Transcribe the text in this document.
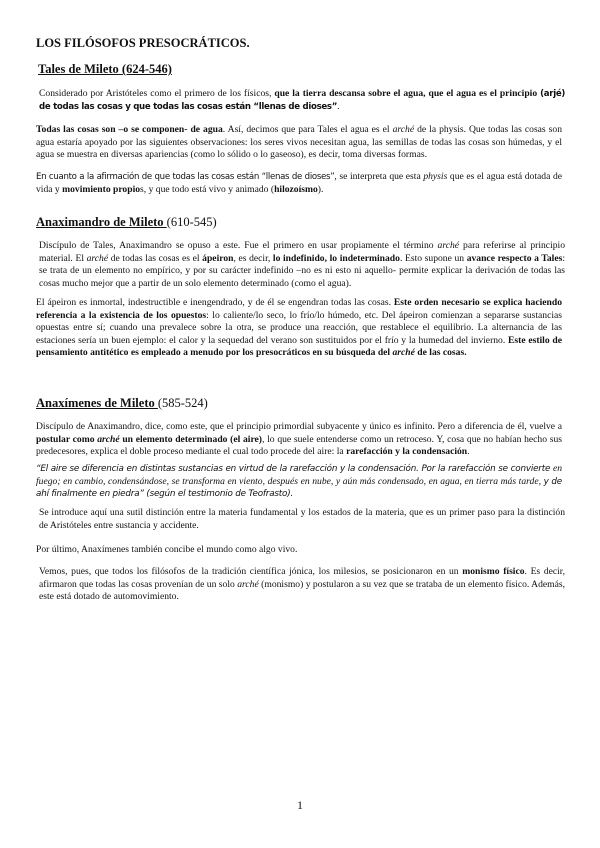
LOS FILÓSOFOS PRESOCRÁTICOS.

Tales de Mileto (624-546)

Considerado por Aristóteles como el primero de los físicos, que la tierra descansa sobre el agua, que el agua es el principio (arjé) de todas las cosas y que todas las cosas están “llenas de dioses”.

Todas las cosas son –o se componen- de agua. Así, decimos que para Tales el agua es el arché de la physis. Que todas las cosas son agua estaría apoyado por las siguientes observaciones: los seres vivos necesitan agua, las semillas de todas las cosas son húmedas, y el agua se muestra en diversas apariencias (como lo sólido o lo gaseoso), es decir, toma diversas formas.

En cuanto a la afirmación de que todas las cosas están “llenas de dioses”, se interpreta que esta physis que es el agua está dotada de vida y movimiento propios, y que todo está vivo y animado (hilozoísmo).

Anaximandro de Mileto (610-545)

Discípulo de Tales, Anaximandro se opuso a este. Fue el primero en usar propiamente el término arché para referirse al principio material. El arché de todas las cosas es el ápeiron, es decir, lo indefinido, lo indeterminado. Esto supone un avance respecto a Tales: se trata de un elemento no empírico, y por su carácter indefinido –no es ni esto ni aquello- permite explicar la derivación de todas las cosas mucho mejor que a partir de un solo elemento determinado (como el agua).

El ápeiron es inmortal, indestructible e inengendrado, y de él se engendran todas las cosas. Este orden necesario se explica haciendo referencia a la existencia de los opuestos: lo caliente/lo seco, lo frío/lo húmedo, etc. Del ápeiron comienzan a separarse sustancias opuestas entre sí; cuando una prevalece sobre la otra, se produce una reacción, que restablece el equilibrio. La alternancia de las estaciones sería un buen ejemplo: el calor y la sequedad del verano son sustituidos por el frío y la humedad del invierno. Este estilo de pensamiento antitético es empleado a menudo por los presocráticos en su búsqueda del arché de las cosas.

Anaxímenes de Mileto (585-524)

Discípulo de Anaximandro, dice, como este, que el principio primordial subyacente y único es infinito. Pero a diferencia de él, vuelve a postular como arché un elemento determinado (el aire), lo que suele entenderse como un retroceso. Y, cosa que no habían hecho sus predecesores, explica el doble proceso mediante el cual todo procede del aire: la rarefacción y la condensación.

“El aire se diferencia en distintas sustancias en virtud de la rarefacción y la condensación. Por la rarefacción se convierte en fuego; en cambio, condensándose, se transforma en viento, después en nube, y aún más condensado, en agua, en tierra más tarde, y de ahí finalmente en piedra” (según el testimonio de Teofrasto).

Se introduce aquí una sutil distinción entre la materia fundamental y los estados de la materia, que es un primer paso para la distinción de Aristóteles entre sustancia y accidente.

Por último, Anaxímenes también concibe el mundo como algo vivo.

Vemos, pues, que todos los filósofos de la tradición científica jónica, los milesios, se posicionaron en un monismo físico. Es decir, afirmaron que todas las cosas provenían de un solo arché (monismo) y postularon a su vez que se trataba de un elemento físico. Además, este está dotado de automovimiento.

1
